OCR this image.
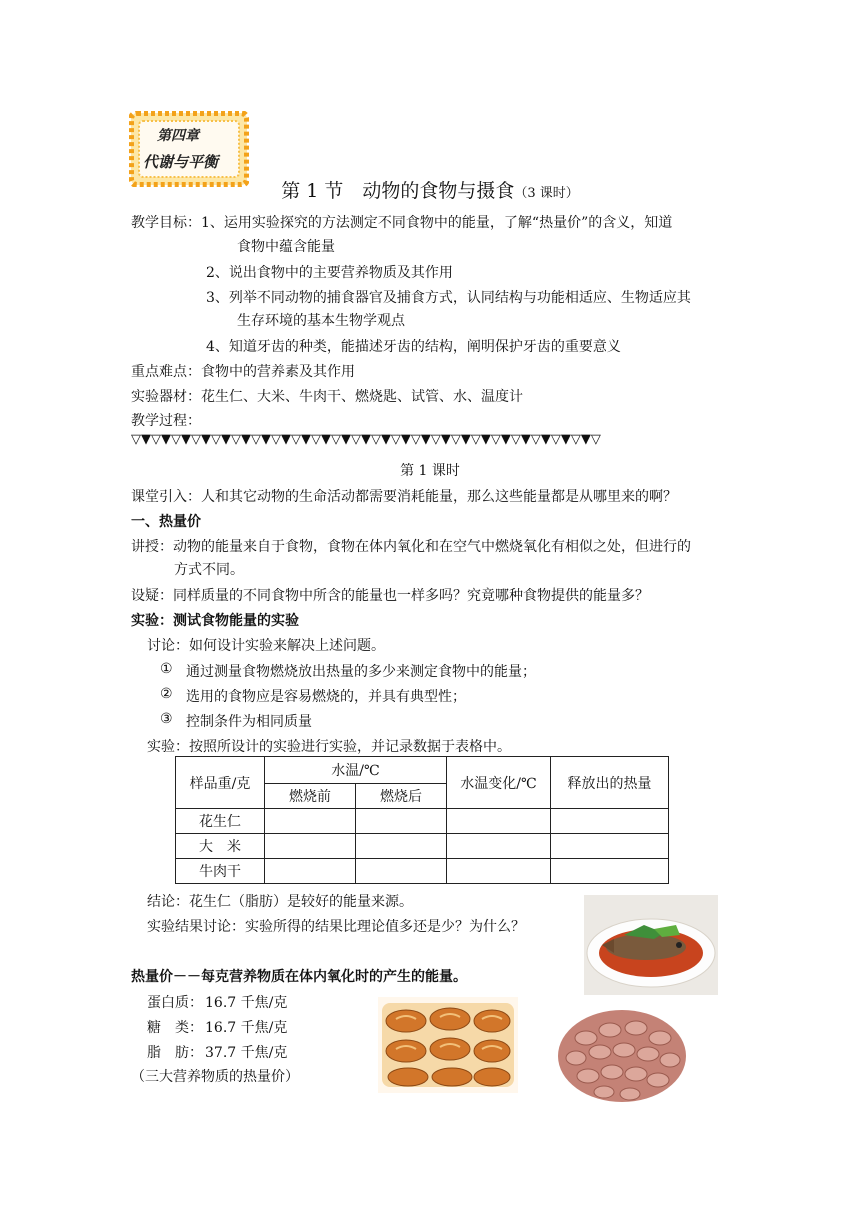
第四章
代谢与平衡
第 1 节　动物的食物与摄食（3 课时）
教学目标： 1、运用实验探究的方法测定不同食物中的能量，了解“热量价”的含义，知道
食物中蕴含能量
2、说出食物中的主要营养物质及其作用
3、列举不同动物的捕食器官及捕食方式，认同结构与功能相适应、生物适应其
生存环境的基本生物学观点
4、知道牙齿的种类，能描述牙齿的结构，阐明保护牙齿的重要意义
重点难点：食物中的营养素及其作用
实验器材：花生仁、大米、牛肉干、燃烧匙、试管、水、温度计
教学过程：
▽▼▽▼▽▼▽▼▽▼▽▼▽▼▽▼▽▼▽▼▽▼▽▼▽▼▽▼▽▼▽▼▽▼▽▼▽▼▽▼▽▼▽▼▽▼▽
第 1 课时
课堂引入：人和其它动物的生命活动都需要消耗能量，那么这些能量都是从哪里来的啊？
一、热量价
讲授：动物的能量来自于食物，食物在体内氧化和在空气中燃烧氧化有相似之处，但进行的
方式不同。
设疑：同样质量的不同食物中所含的能量也一样多吗？究竟哪种食物提供的能量多？
实验：测试食物能量的实验
讨论：如何设计实验来解决上述问题。
① 通过测量食物燃烧放出热量的多少来测定食物中的能量；
② 选用的食物应是容易燃烧的，并具有典型性；
③ 控制条件为相同质量
实验：按照所设计的实验进行实验，并记录数据于表格中。
样品重/克	水温/℃		水温变化/℃	释放出的热量
	燃烧前	燃烧后		
花生仁				
大　米				
牛肉干				
结论：花生仁（脂肪）是较好的能量来源。
实验结果讨论：实验所得的结果比理论值多还是少？为什么？
热量价－－每克营养物质在体内氧化时的产生的能量。
蛋白质： 16.7 千焦/克
糖　类： 16.7 千焦/克
脂　肪： 37.7 千焦/克
（三大营养物质的热量价）
